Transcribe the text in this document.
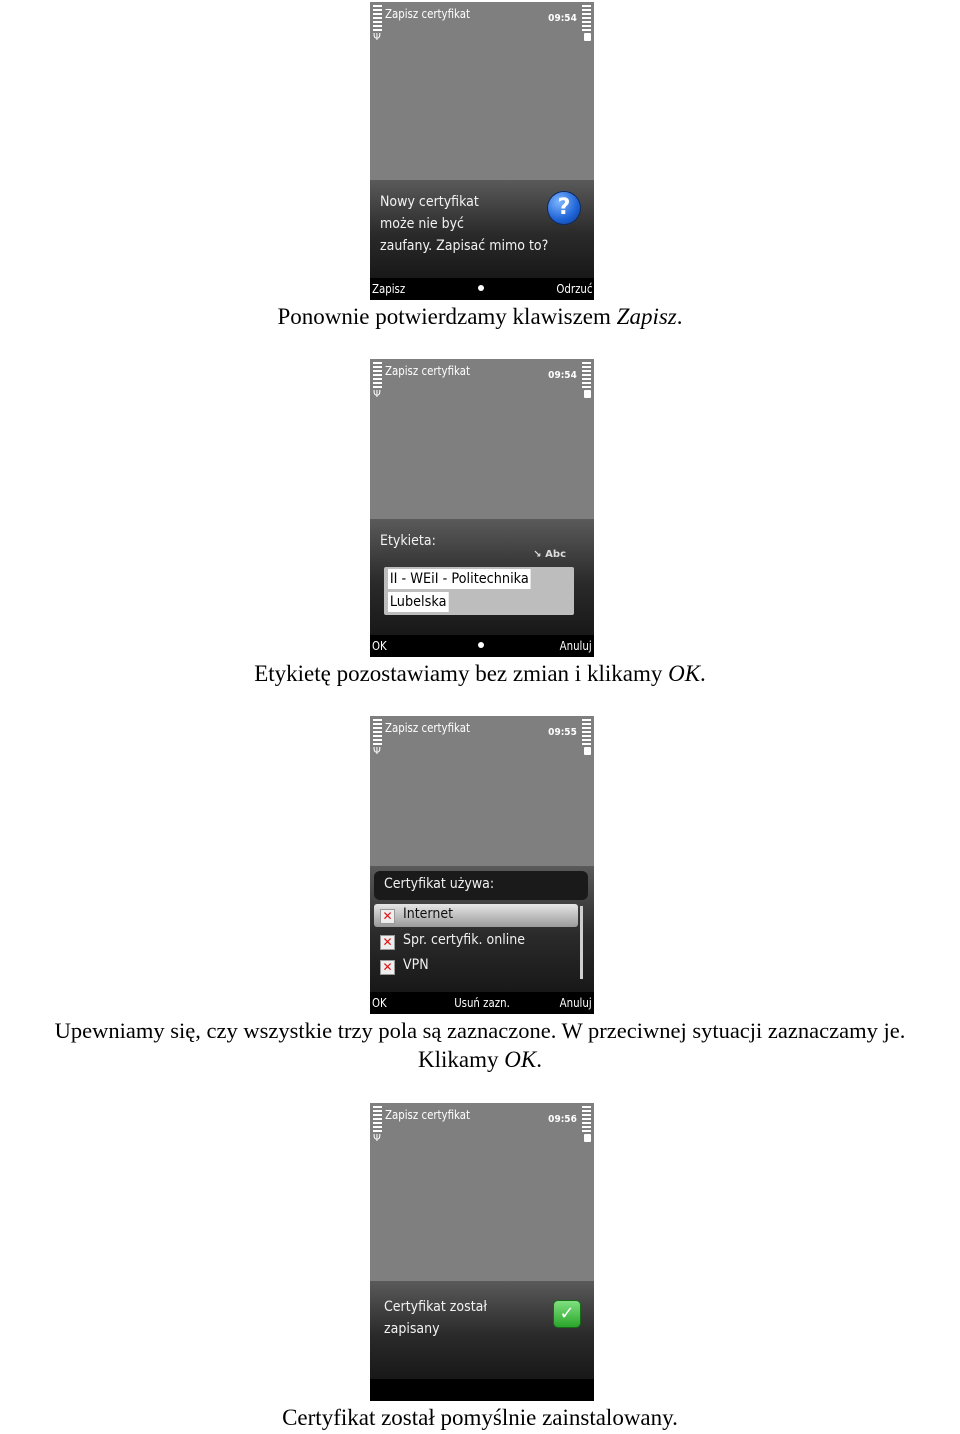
Ψ
Zapisz certyfikat	09:54
Nowy certyfikat
może nie być
zaufany. Zapisać mimo to?
?
Zapisz	Odrzuć
Ponownie potwierdzamy klawiszem Zapisz.
Ψ
Zapisz certyfikat	09:54
Etykieta:
↘ Abc
II - WEiI - Politechnika
Lubelska
OK	Anuluj
Etykietę pozostawiamy bez zmian i klikamy OK.
Ψ
Zapisz certyfikat	09:55
Certyfikat używa:
✕ Internet
✕ Spr. certyfik. online
✕ VPN
OK	Usuń zazn.	Anuluj
Upewniamy się, czy wszystkie trzy pola są zaznaczone. W przeciwnej sytuacji zaznaczamy je.
Klikamy OK.
Ψ
Zapisz certyfikat	09:56
Certyfikat został
zapisany
✓
Certyfikat został pomyślnie zainstalowany.
